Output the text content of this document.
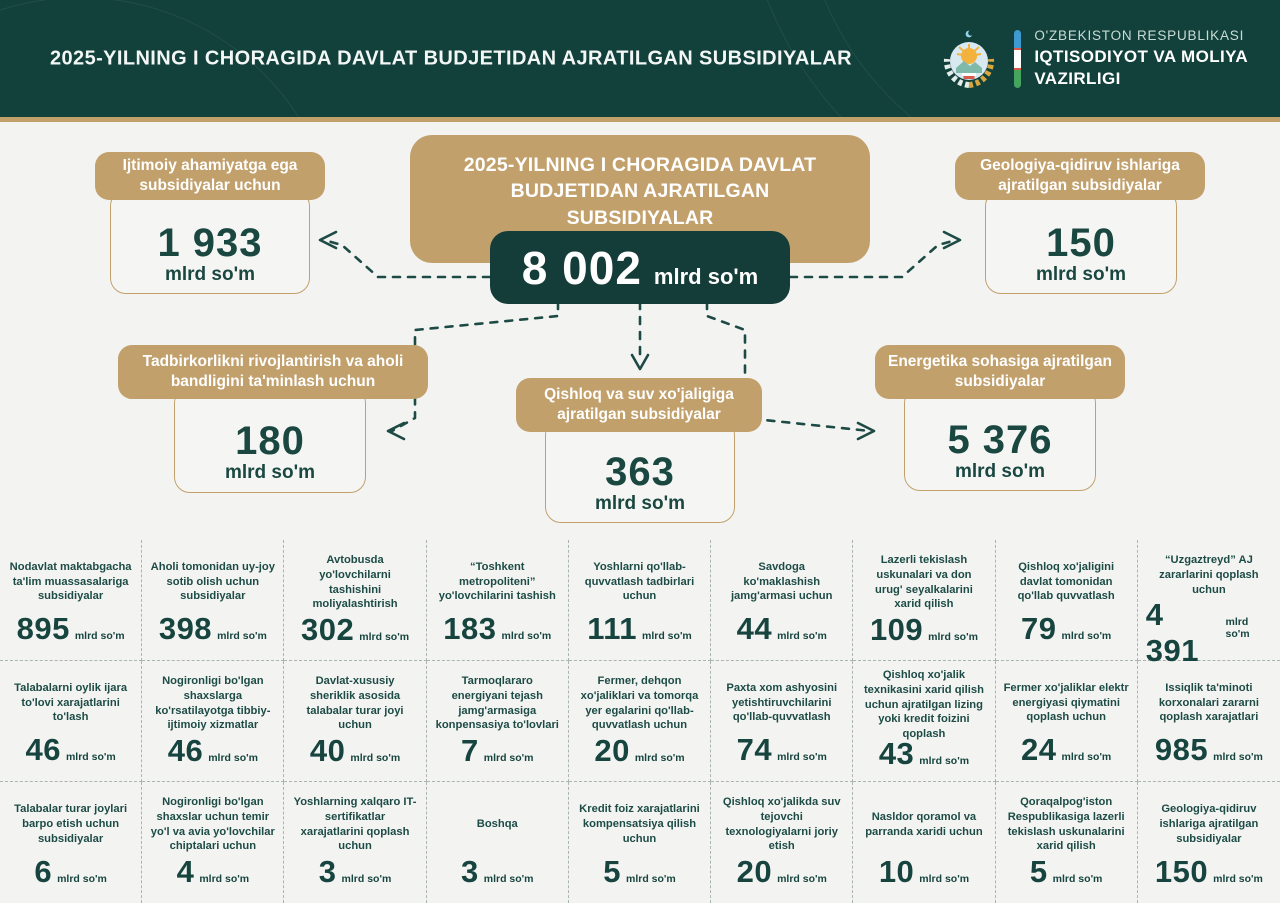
2025-YILNING I CHORAGIDA DAVLAT BUDJETIDAN AJRATILGAN SUBSIDIYALAR
O'ZBEKISTON RESPUBLIKASI
IQTISODIYOT VA MOLIYA
VAZIRLIGI
2025-YILNING I CHORAGIDA DAVLAT BUDJETIDAN AJRATILGAN SUBSIDIYALAR
8 002 mlrd so'm
Ijtimoiy ahamiyatga ega subsidiyalar uchun
1 933
mlrd so'm
Geologiya-qidiruv ishlariga ajratilgan subsidiyalar
150
mlrd so'm
Tadbirkorlikni rivojlantirish va aholi bandligini ta'minlash uchun
180
mlrd so'm
Qishloq va suv xo'jaligiga ajratilgan subsidiyalar
363
mlrd so'm
Energetika sohasiga ajratilgan subsidiyalar
5 376
mlrd so'm
Nodavlat maktabgacha ta'lim muassasalariga subsidiyalar
895 mlrd so'm
Aholi tomonidan uy-joy sotib olish uchun subsidiyalar
398 mlrd so'm
Avtobusda yo'lovchilarni tashishini moliyalashtirish
302 mlrd so'm
“Toshkent metropoliteni” yo'lovchilarini tashish
183 mlrd so'm
Yoshlarni qo'llab-quvvatlash tadbirlari uchun
111 mlrd so'm
Savdoga ko'maklashish jamg'armasi uchun
44 mlrd so'm
Lazerli tekislash uskunalari va don urug' seyalkalarini xarid qilish
109 mlrd so'm
Qishloq xo'jaligini davlat tomonidan qo'llab quvvatlash
79 mlrd so'm
“Uzgaztreyd” AJ zararlarini qoplash uchun
4 391
mlrd so'm
Talabalarni oylik ijara to'lovi xarajatlarini to'lash
46 mlrd so'm
Nogironligi bo'lgan shaxslarga ko'rsatilayotga tibbiy-ijtimoiy xizmatlar
46 mlrd so'm
Davlat-xususiy sheriklik asosida talabalar turar joyi uchun
40 mlrd so'm
Tarmoqlararo energiyani tejash jamg'armasiga konpensasiya to'lovlari
7 mlrd so'm
Fermer, dehqon xo'jaliklari va tomorqa yer egalarini qo'llab-quvvatlash uchun
20 mlrd so'm
Paxta xom ashyosini yetishtiruvchilarini qo'llab-quvvatlash
74 mlrd so'm
Qishloq xo'jalik texnikasini xarid qilish uchun ajratilgan lizing yoki kredit foizini qoplash
43 mlrd so'm
Fermer xo'jaliklar elektr energiyasi qiymatini qoplash uchun
24 mlrd so'm
Issiqlik ta'minoti korxonalari zararni qoplash xarajatlari
985 mlrd so'm
Talabalar turar joylari barpo etish uchun subsidiyalar
6 mlrd so'm
Nogironligi bo'lgan shaxslar uchun temir yo'l va avia yo'lovchilar chiptalari uchun
4 mlrd so'm
Yoshlarning xalqaro IT-sertifikatlar xarajatlarini qoplash uchun
3 mlrd so'm
Boshqa
3 mlrd so'm
Kredit foiz xarajatlarini kompensatsiya qilish uchun
5 mlrd so'm
Qishloq xo'jalikda suv tejovchi texnologiyalarni joriy etish
20 mlrd so'm
Nasldor qoramol va parranda xaridi uchun
10 mlrd so'm
Qoraqalpog'iston Respublikasiga lazerli tekislash uskunalarini xarid qilish
5 mlrd so'm
Geologiya-qidiruv ishlariga ajratilgan subsidiyalar
150 mlrd so'm
